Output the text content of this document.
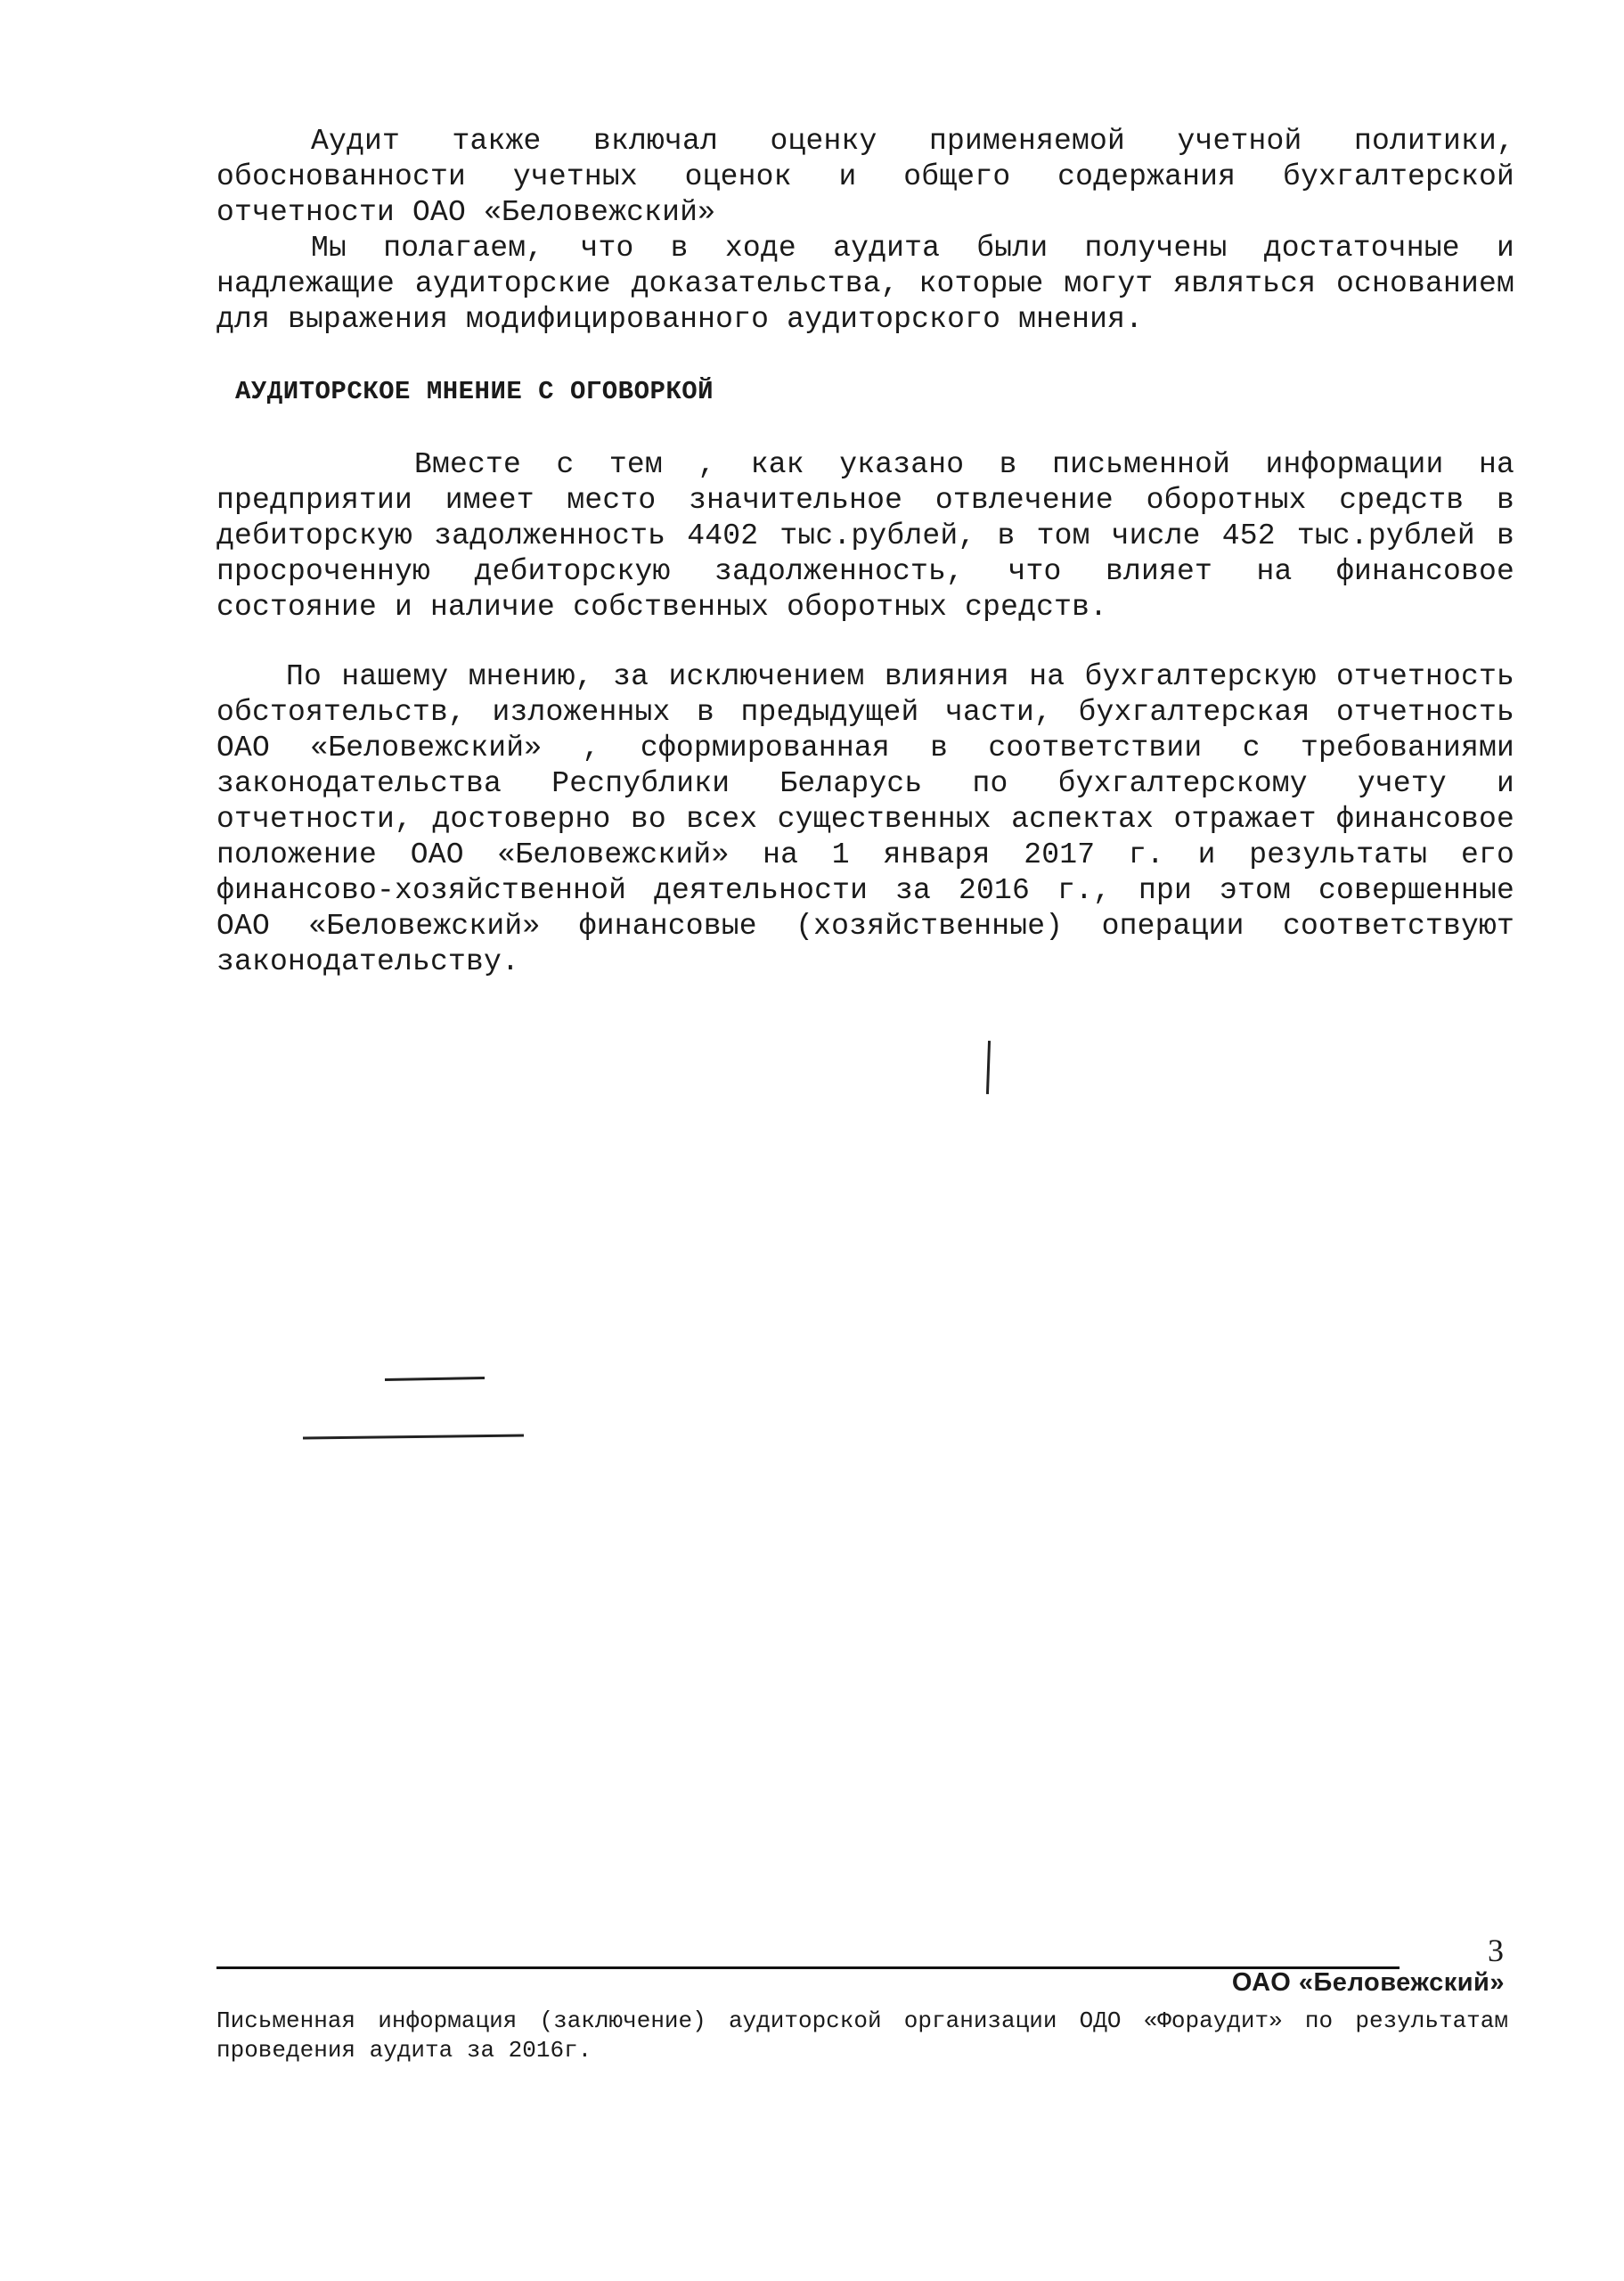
Аудит также включал оценку применяемой учетной политики, обоснованности учетных оценок и общего содержания бухгалтерской отчетности ОАО «Беловежский»

Мы полагаем, что в ходе аудита были получены достаточные и надлежащие аудиторские доказательства, которые могут являться основанием для выражения модифицированного аудиторского мнения.

АУДИТОРСКОЕ МНЕНИЕ С ОГОВОРКОЙ

Вместе с тем , как указано в письменной информации на предприятии имеет место значительное отвлечение оборотных средств в дебиторскую задолженность 4402 тыс.рублей, в том числе 452 тыс.рублей в просроченную дебиторскую задолженность, что влияет на финансовое состояние и наличие собственных оборотных средств.

По нашему мнению, за исключением влияния на бухгалтерскую отчетность обстоятельств, изложенных в предыдущей части, бухгалтерская отчетность ОАО «Беловежский» , сформированная в соответствии с требованиями законодательства Республики Беларусь по бухгалтерскому учету и отчетности, достоверно во всех существенных аспектах отражает финансовое положение ОАО «Беловежский» на 1 января 2017 г. и результаты его финансово-хозяйственной деятельности за 2016 г., при этом совершенные ОАО «Беловежский» финансовые (хозяйственные) операции соответствуют законодательству.

3
ОАО «Беловежский»

Письменная информация (заключение) аудиторской организации ОДО «Фораудит» по результатам проведения аудита за 2016г.
